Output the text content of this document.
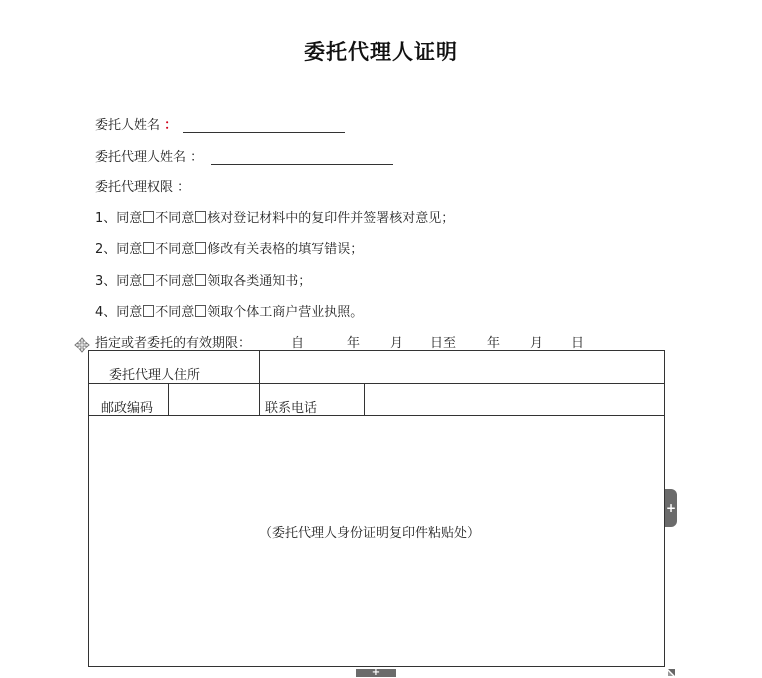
委托代理人证明
委托人姓名 ：
委托代理人姓名 ：
委托代理权限 ：
1、同意 不同意 核对登记材料中的复印件并签署核对意见；
2、同意 不同意 修改有关表格的填写错误；
3、同意 不同意 领取各类通知书；
4、同意 不同意 领取个体工商户营业执照。
指定或者委托的有效期限：	自	年 月 日至 年 月 日
委托代理人住所
邮政编码	联系电话
（委托代理人身份证明复印件粘贴处）
+
+
